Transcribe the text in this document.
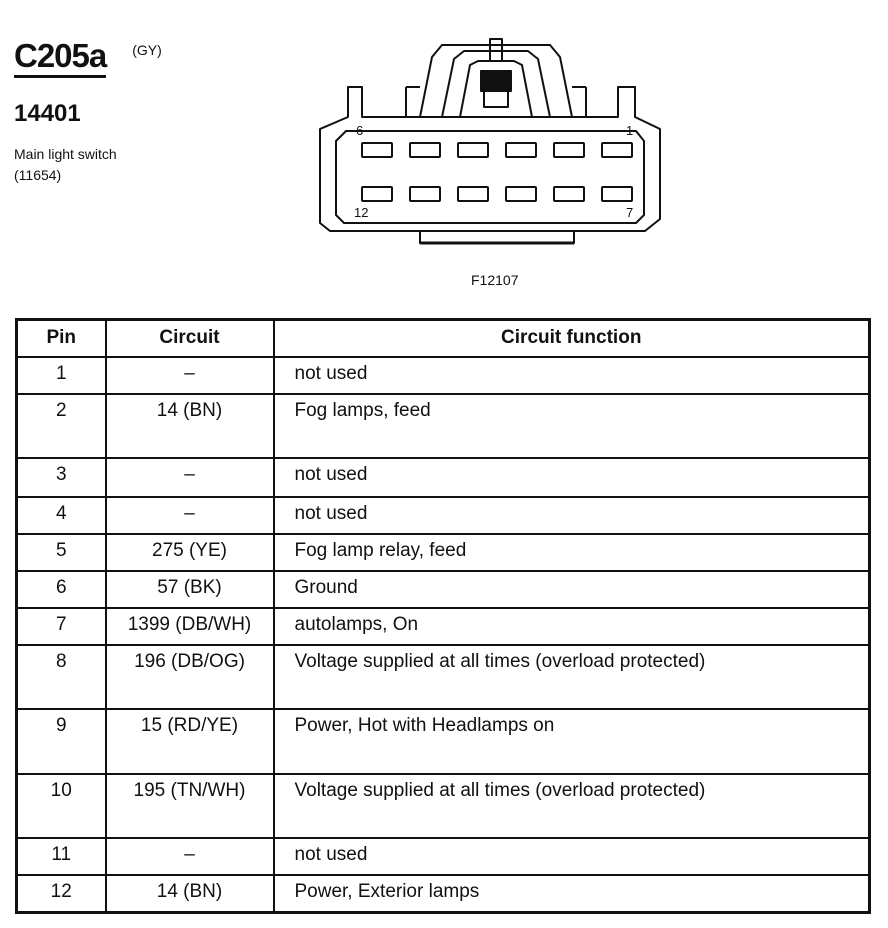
C205a (GY)
14401
Main light switch
(11654)
6	1
12	7
F12107
Pin	Circuit	Circuit function
1	–	not used
2	14 (BN)	Fog lamps, feed
3	–	not used
4	–	not used
5	275 (YE)	Fog lamp relay, feed
6	57 (BK)	Ground
7	1399 (DB/WH)	autolamps, On
8	196 (DB/OG)	Voltage supplied at all times (overload protected)
9	15 (RD/YE)	Power, Hot with Headlamps on
10	195 (TN/WH)	Voltage supplied at all times (overload protected)
11	–	not used
12	14 (BN)	Power, Exterior lamps
